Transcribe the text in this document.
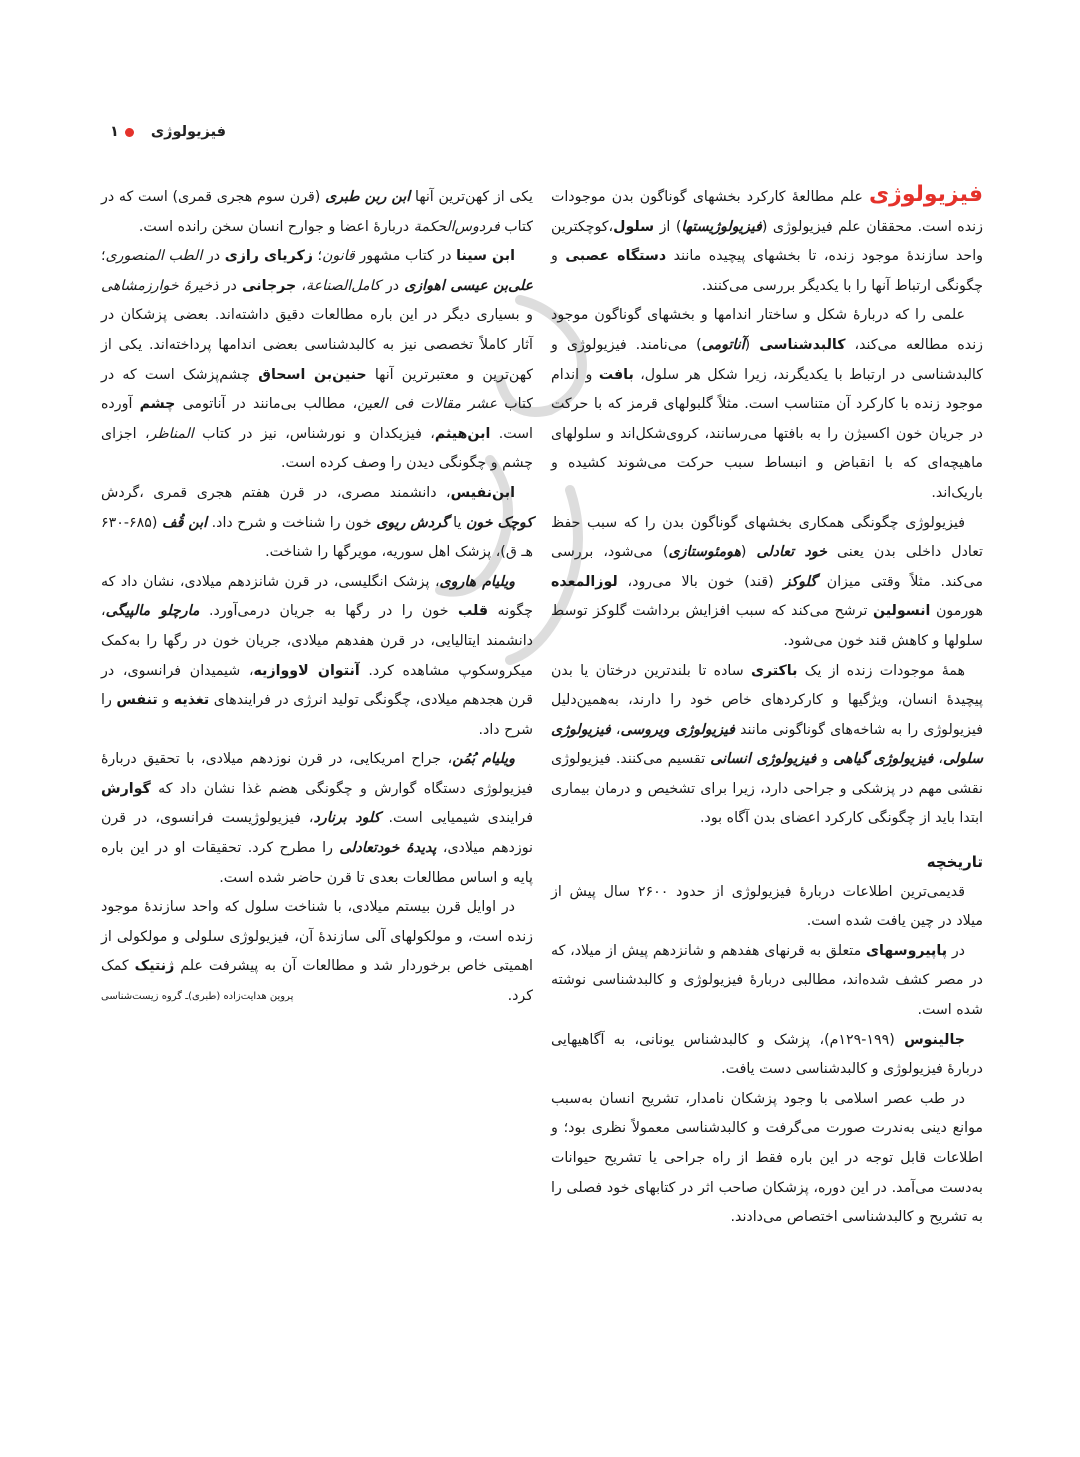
فیزیولوژی
۱

فیزیولوژی علم مطالعهٔ کارکرد بخشهای گوناگون بدن موجودات زنده است. محققان علم فیزیولوژی (فیزیولوژیستها) از سلول،کوچکترین واحد سازندهٔ موجود زنده، تا بخشهای پیچیده مانند دستگاه عصبی و چگونگی ارتباط آنها را با یکدیگر بررسی می‌کنند.

علمی را که دربارهٔ شکل و ساختار اندامها و بخشهای گوناگون موجود زنده مطالعه می‌کند، کالبدشناسی (آناتومی) می‌نامند. فیزیولوژی و کالبدشناسی در ارتباط با یکدیگرند، زیرا شکل هر سلول، بافت و اندام موجود زنده با کارکرد آن متناسب است. مثلاً گلبولهای قرمز که با حرکت در جریان خون اکسیژن را به بافتها می‌رسانند، کروی‌شکل‌اند و سلولهای ماهیچه‌ای که با انقباض و انبساط سبب حرکت می‌شوند کشیده و باریک‌اند.

فیزیولوژی چگونگی همکاری بخشهای گوناگون بدن را که سبب حفظ تعادل داخلی بدن یعنی خود تعادلی (هومئوستازی) می‌شود، بررسی می‌کند. مثلاً وقتی میزان گلوکز (قند) خون بالا می‌رود، لوزالمعده هورمون انسولین ترشح می‌کند که سبب افزایش برداشت گلوکز توسط سلولها و کاهش قند خون می‌شود.

همهٔ موجودات زنده از یک باکتری ساده تا بلندترین درختان یا بدن پیچیدهٔ انسان، ویژگیها و کارکردهای خاص خود را دارند، به‌همین‌دلیل فیزیولوژی را به شاخه‌های گوناگونی مانند فیزیولوژی ویروسی، فیزیولوژی سلولی، فیزیولوژی گیاهی و فیزیولوژی انسانی تقسیم می‌کنند. فیزیولوژی نقشی مهم در پزشکی و جراحی دارد، زیرا برای تشخیص و درمان بیماری ابتدا باید از چگونگی کارکرد اعضای بدن آگاه بود.

تاریخچه

قدیمی‌ترین اطلاعات دربارهٔ فیزیولوژی از حدود ۲۶۰۰ سال پیش از میلاد در چین یافت شده است.

در پاپیروسهای متعلق به قرنهای هفدهم و شانزدهم پیش از میلاد، که در مصر کشف شده‌اند، مطالبی دربارهٔ فیزیولوژی و کالبدشناسی نوشته شده است.

جالینوس (۱۹۹-۱۲۹م)، پزشک و کالبدشناس یونانی، به آگاهیهایی دربارهٔ فیزیولوژی و کالبدشناسی دست یافت.

در طب عصر اسلامی با وجود پزشکان نامدار، تشریح انسان به‌سبب موانع دینی به‌ندرت صورت می‌گرفت و کالبدشناسی معمولاً نظری بود؛ و اطلاعات قابل توجه در این باره فقط از راه جراحی یا تشریح حیوانات به‌دست می‌آمد. در این دوره، پزشکان صاحب اثر در کتابهای خود فصلی را به تشریح و کالبدشناسی اختصاص می‌دادند.

یکی از کهن‌ترین آنها ابن ربن طبری (قرن سوم هجری قمری) است که در کتاب فردوس‌الحکمة دربارهٔ اعضا و جوارح انسان سخن رانده است.

ابن سینا در کتاب مشهور قانون؛ زکریای رازی در الطب المنصوری؛ علی‌بن عیسی اهوازی در کامل‌الصناعة، جرجانی در ذخیرهٔ خوارزمشاهی و بسیاری دیگر در این باره مطالعات دقیق داشته‌اند. بعضی پزشکان در آثار کاملاً تخصصی نیز به کالبدشناسی بعضی اندامها پرداخته‌اند. یکی از کهن‌ترین و معتبرترین آنها حنین‌بن اسحاق چشم‌پزشک است که در کتاب عشر مقالات فی العین، مطالب بی‌مانند در آناتومی چشم آورده است. ابن‌هیثم، فیزیکدان و نورشناس، نیز در کتاب المناظر، اجزای چشم و چگونگی دیدن را وصف کرده است.

ابن‌نفیس، دانشمند مصری، در قرن هفتم هجری قمری ،گردش کوچک خون یا گردش ریوی خون را شناخت و شرح داد. ابن قُف (۶۸۵-۶۳۰ هـ ق)، پزشک اهل سوریه، مویرگها را شناخت.

ویلیام هاروی، پزشک انگلیسی، در قرن شانزدهم میلادی، نشان داد که چگونه قلب خون را در رگها به جریان درمی‌آورد. مارچلو مالپیگی، دانشمند ایتالیایی، در قرن هفدهم میلادی، جریان خون در رگها را به‌کمک میکروسکوپ مشاهده کرد. آنتوان لاووازیه، شیمیدان فرانسوی، در قرن هجدهم میلادی، چگونگی تولید انرژی در فرایندهای تغذیه و تنفس را شرح داد.

ویلیام بُمُن، جراح امریکایی، در قرن نوزدهم میلادی، با تحقیق دربارهٔ فیزیولوژی دستگاه گوارش و چگونگی هضم غذا نشان داد که گوارش فرایندی شیمیایی است. کلود برنارد، فیزیولوژیست فرانسوی، در قرن نوزدهم میلادی، پدیدهٔ خودتعادلی را مطرح کرد. تحقیقات او در این باره پایه و اساس مطالعات بعدی تا قرن حاضر شده است.

در اوایل قرن بیستم میلادی، با شناخت سلول که واحد سازندهٔ موجود زنده است، و مولکولهای آلی سازندهٔ آن، فیزیولوژی سلولی و مولکولی از اهمیتی خاص برخوردار شد و مطالعات آن به پیشرفت علم ژنتیک کمک کرد.
پروین هدایت‌زاده (طبری)ـ گروه زیست‌شناسی
